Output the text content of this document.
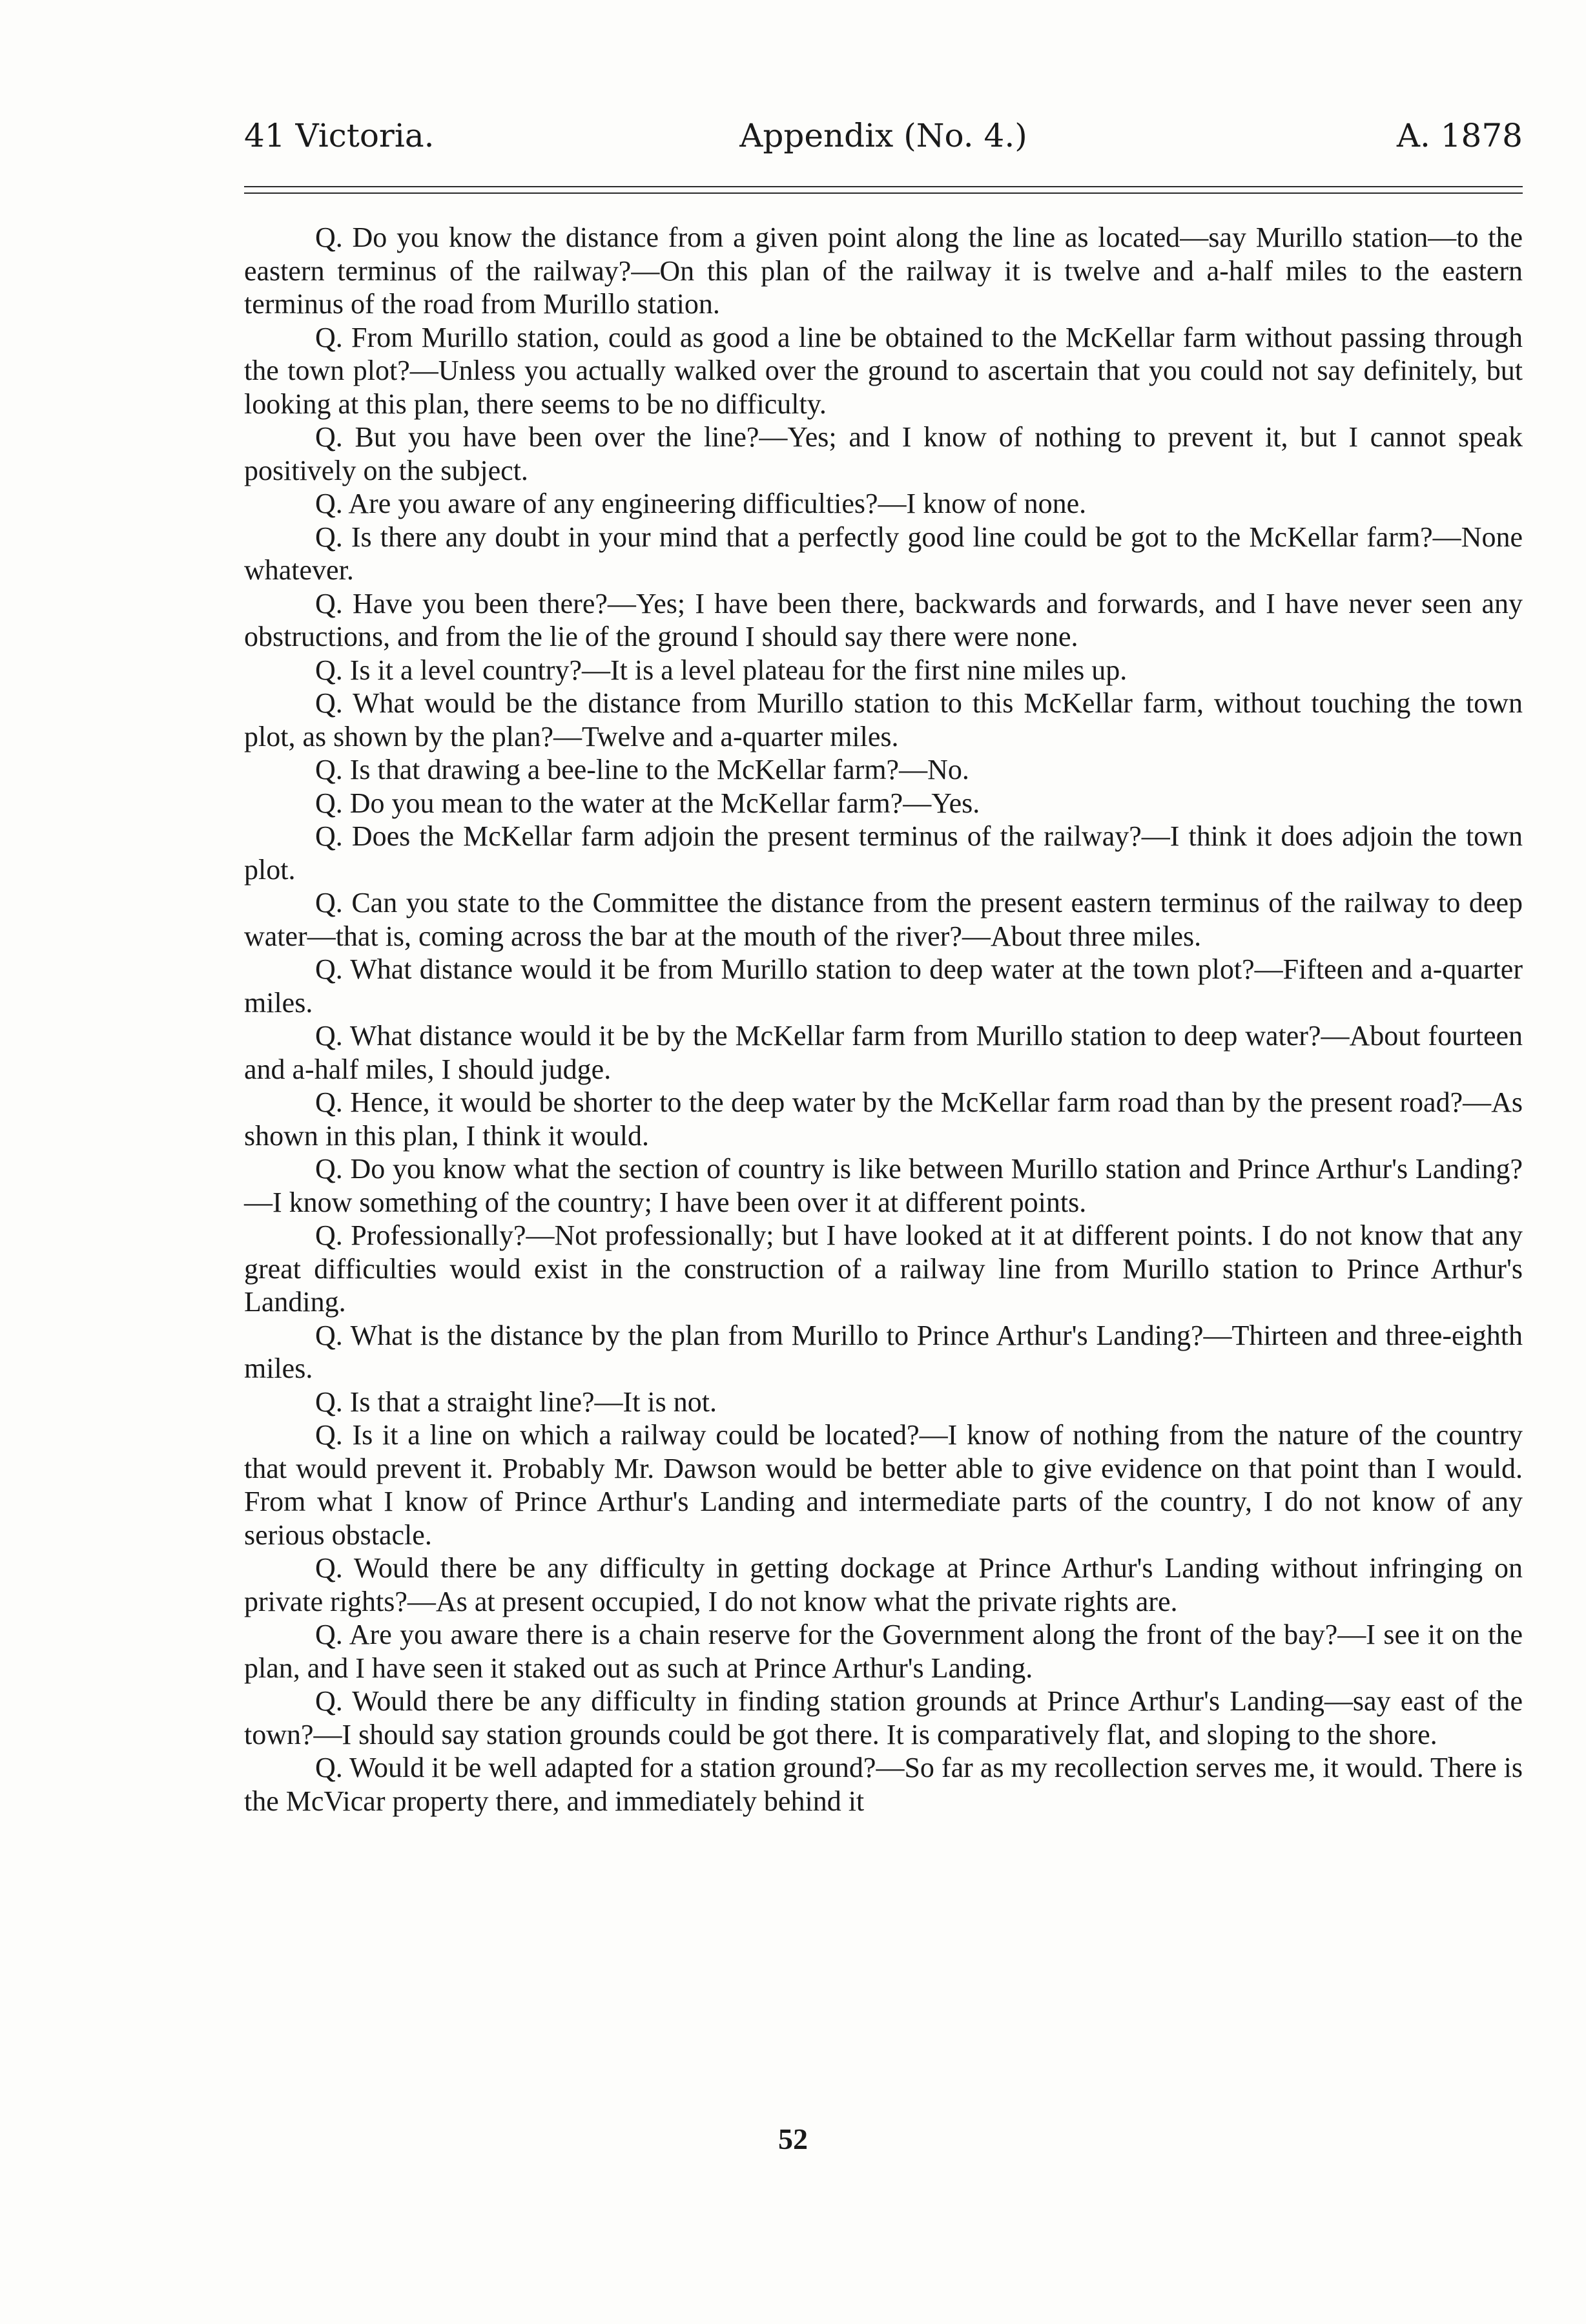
41 Victoria.	Appendix (No. 4.)	A. 1878

Q. Do you know the distance from a given point along the line as located—say Murillo station—to the eastern terminus of the railway?—On this plan of the railway it is twelve and a-half miles to the eastern terminus of the road from Murillo station.

Q. From Murillo station, could as good a line be obtained to the McKellar farm without passing through the town plot?—Unless you actually walked over the ground to ascertain that you could not say definitely, but looking at this plan, there seems to be no difficulty.

Q. But you have been over the line?—Yes; and I know of nothing to prevent it, but I cannot speak positively on the subject.

Q. Are you aware of any engineering difficulties?—I know of none.

Q. Is there any doubt in your mind that a perfectly good line could be got to the McKellar farm?—None whatever.

Q. Have you been there?—Yes; I have been there, backwards and forwards, and I have never seen any obstructions, and from the lie of the ground I should say there were none.

Q. Is it a level country?—It is a level plateau for the first nine miles up.

Q. What would be the distance from Murillo station to this McKellar farm, without touching the town plot, as shown by the plan?—Twelve and a-quarter miles.

Q. Is that drawing a bee-line to the McKellar farm?—No.

Q. Do you mean to the water at the McKellar farm?—Yes.

Q. Does the McKellar farm adjoin the present terminus of the railway?—I think it does adjoin the town plot.

Q. Can you state to the Committee the distance from the present eastern terminus of the railway to deep water—that is, coming across the bar at the mouth of the river?—About three miles.

Q. What distance would it be from Murillo station to deep water at the town plot?—Fifteen and a-quarter miles.

Q. What distance would it be by the McKellar farm from Murillo station to deep water?—About fourteen and a-half miles, I should judge.

Q. Hence, it would be shorter to the deep water by the McKellar farm road than by the present road?—As shown in this plan, I think it would.

Q. Do you know what the section of country is like between Murillo station and Prince Arthur's Landing?—I know something of the country; I have been over it at different points.

Q. Professionally?—Not professionally; but I have looked at it at different points. I do not know that any great difficulties would exist in the construction of a railway line from Murillo station to Prince Arthur's Landing.

Q. What is the distance by the plan from Murillo to Prince Arthur's Landing?—Thirteen and three-eighth miles.

Q. Is that a straight line?—It is not.

Q. Is it a line on which a railway could be located?—I know of nothing from the nature of the country that would prevent it. Probably Mr. Dawson would be better able to give evidence on that point than I would. From what I know of Prince Arthur's Landing and intermediate parts of the country, I do not know of any serious obstacle.

Q. Would there be any difficulty in getting dockage at Prince Arthur's Landing without infringing on private rights?—As at present occupied, I do not know what the private rights are.

Q. Are you aware there is a chain reserve for the Government along the front of the bay?—I see it on the plan, and I have seen it staked out as such at Prince Arthur's Landing.

Q. Would there be any difficulty in finding station grounds at Prince Arthur's Landing—say east of the town?—I should say station grounds could be got there. It is comparatively flat, and sloping to the shore.

Q. Would it be well adapted for a station ground?—So far as my recollection serves me, it would. There is the McVicar property there, and immediately behind it

52
